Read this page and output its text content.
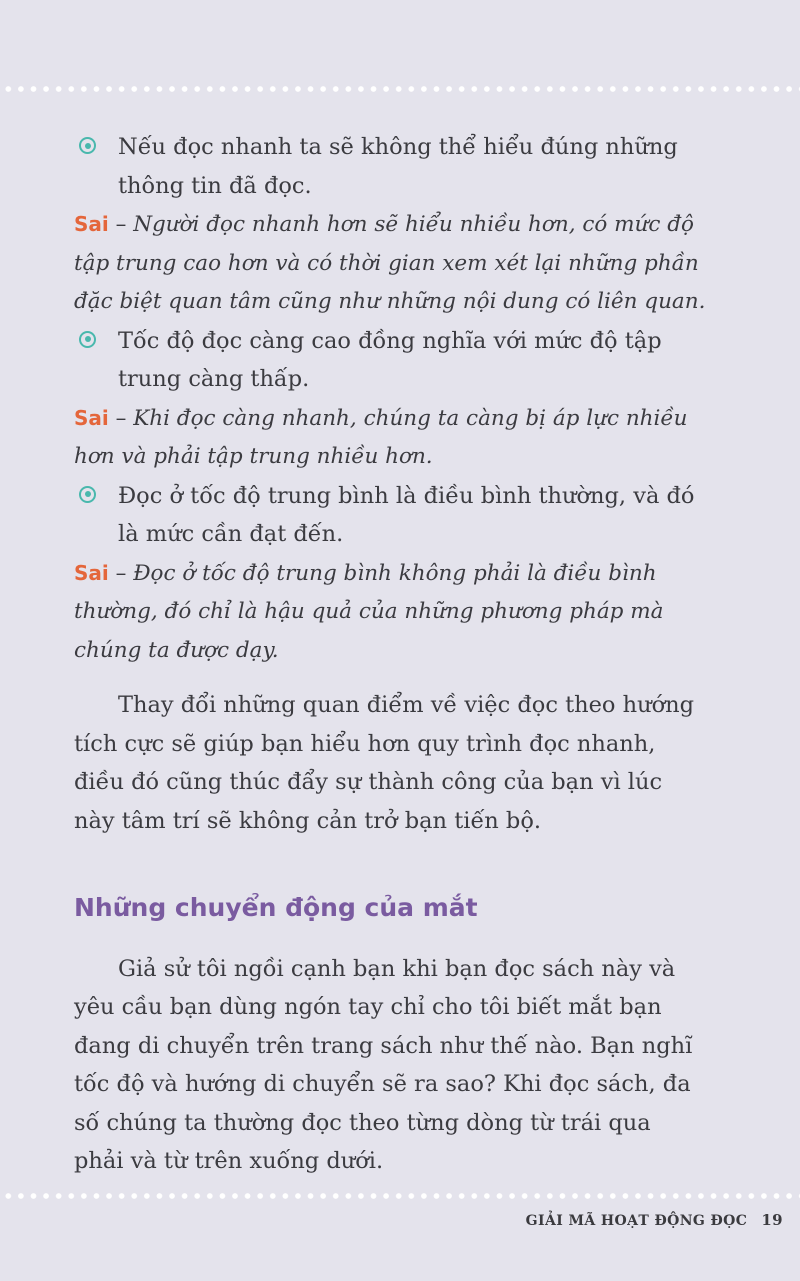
Nếu đọc nhanh ta sẽ không thể hiểu đúng những thông tin đã đọc.
Sai – Người đọc nhanh hơn sẽ hiểu nhiều hơn, có mức độ tập trung cao hơn và có thời gian xem xét lại những phần đặc biệt quan tâm cũng như những nội dung có liên quan.
Tốc độ đọc càng cao đồng nghĩa với mức độ tập trung càng thấp.
Sai – Khi đọc càng nhanh, chúng ta càng bị áp lực nhiều hơn và phải tập trung nhiều hơn.
Đọc ở tốc độ trung bình là điều bình thường, và đó là mức cần đạt đến.
Sai – Đọc ở tốc độ trung bình không phải là điều bình thường, đó chỉ là hậu quả của những phương pháp mà chúng ta được dạy.

Thay đổi những quan điểm về việc đọc theo hướng tích cực sẽ giúp bạn hiểu hơn quy trình đọc nhanh, điều đó cũng thúc đẩy sự thành công của bạn vì lúc này tâm trí sẽ không cản trở bạn tiến bộ.

Những chuyển động của mắt

Giả sử tôi ngồi cạnh bạn khi bạn đọc sách này và yêu cầu bạn dùng ngón tay chỉ cho tôi biết mắt bạn đang di chuyển trên trang sách như thế nào. Bạn nghĩ tốc độ và hướng di chuyển sẽ ra sao? Khi đọc sách, đa số chúng ta thường đọc theo từng dòng từ trái qua phải và từ trên xuống dưới.

GIẢI MÃ HOẠT ĐỘNG ĐỌC 19
